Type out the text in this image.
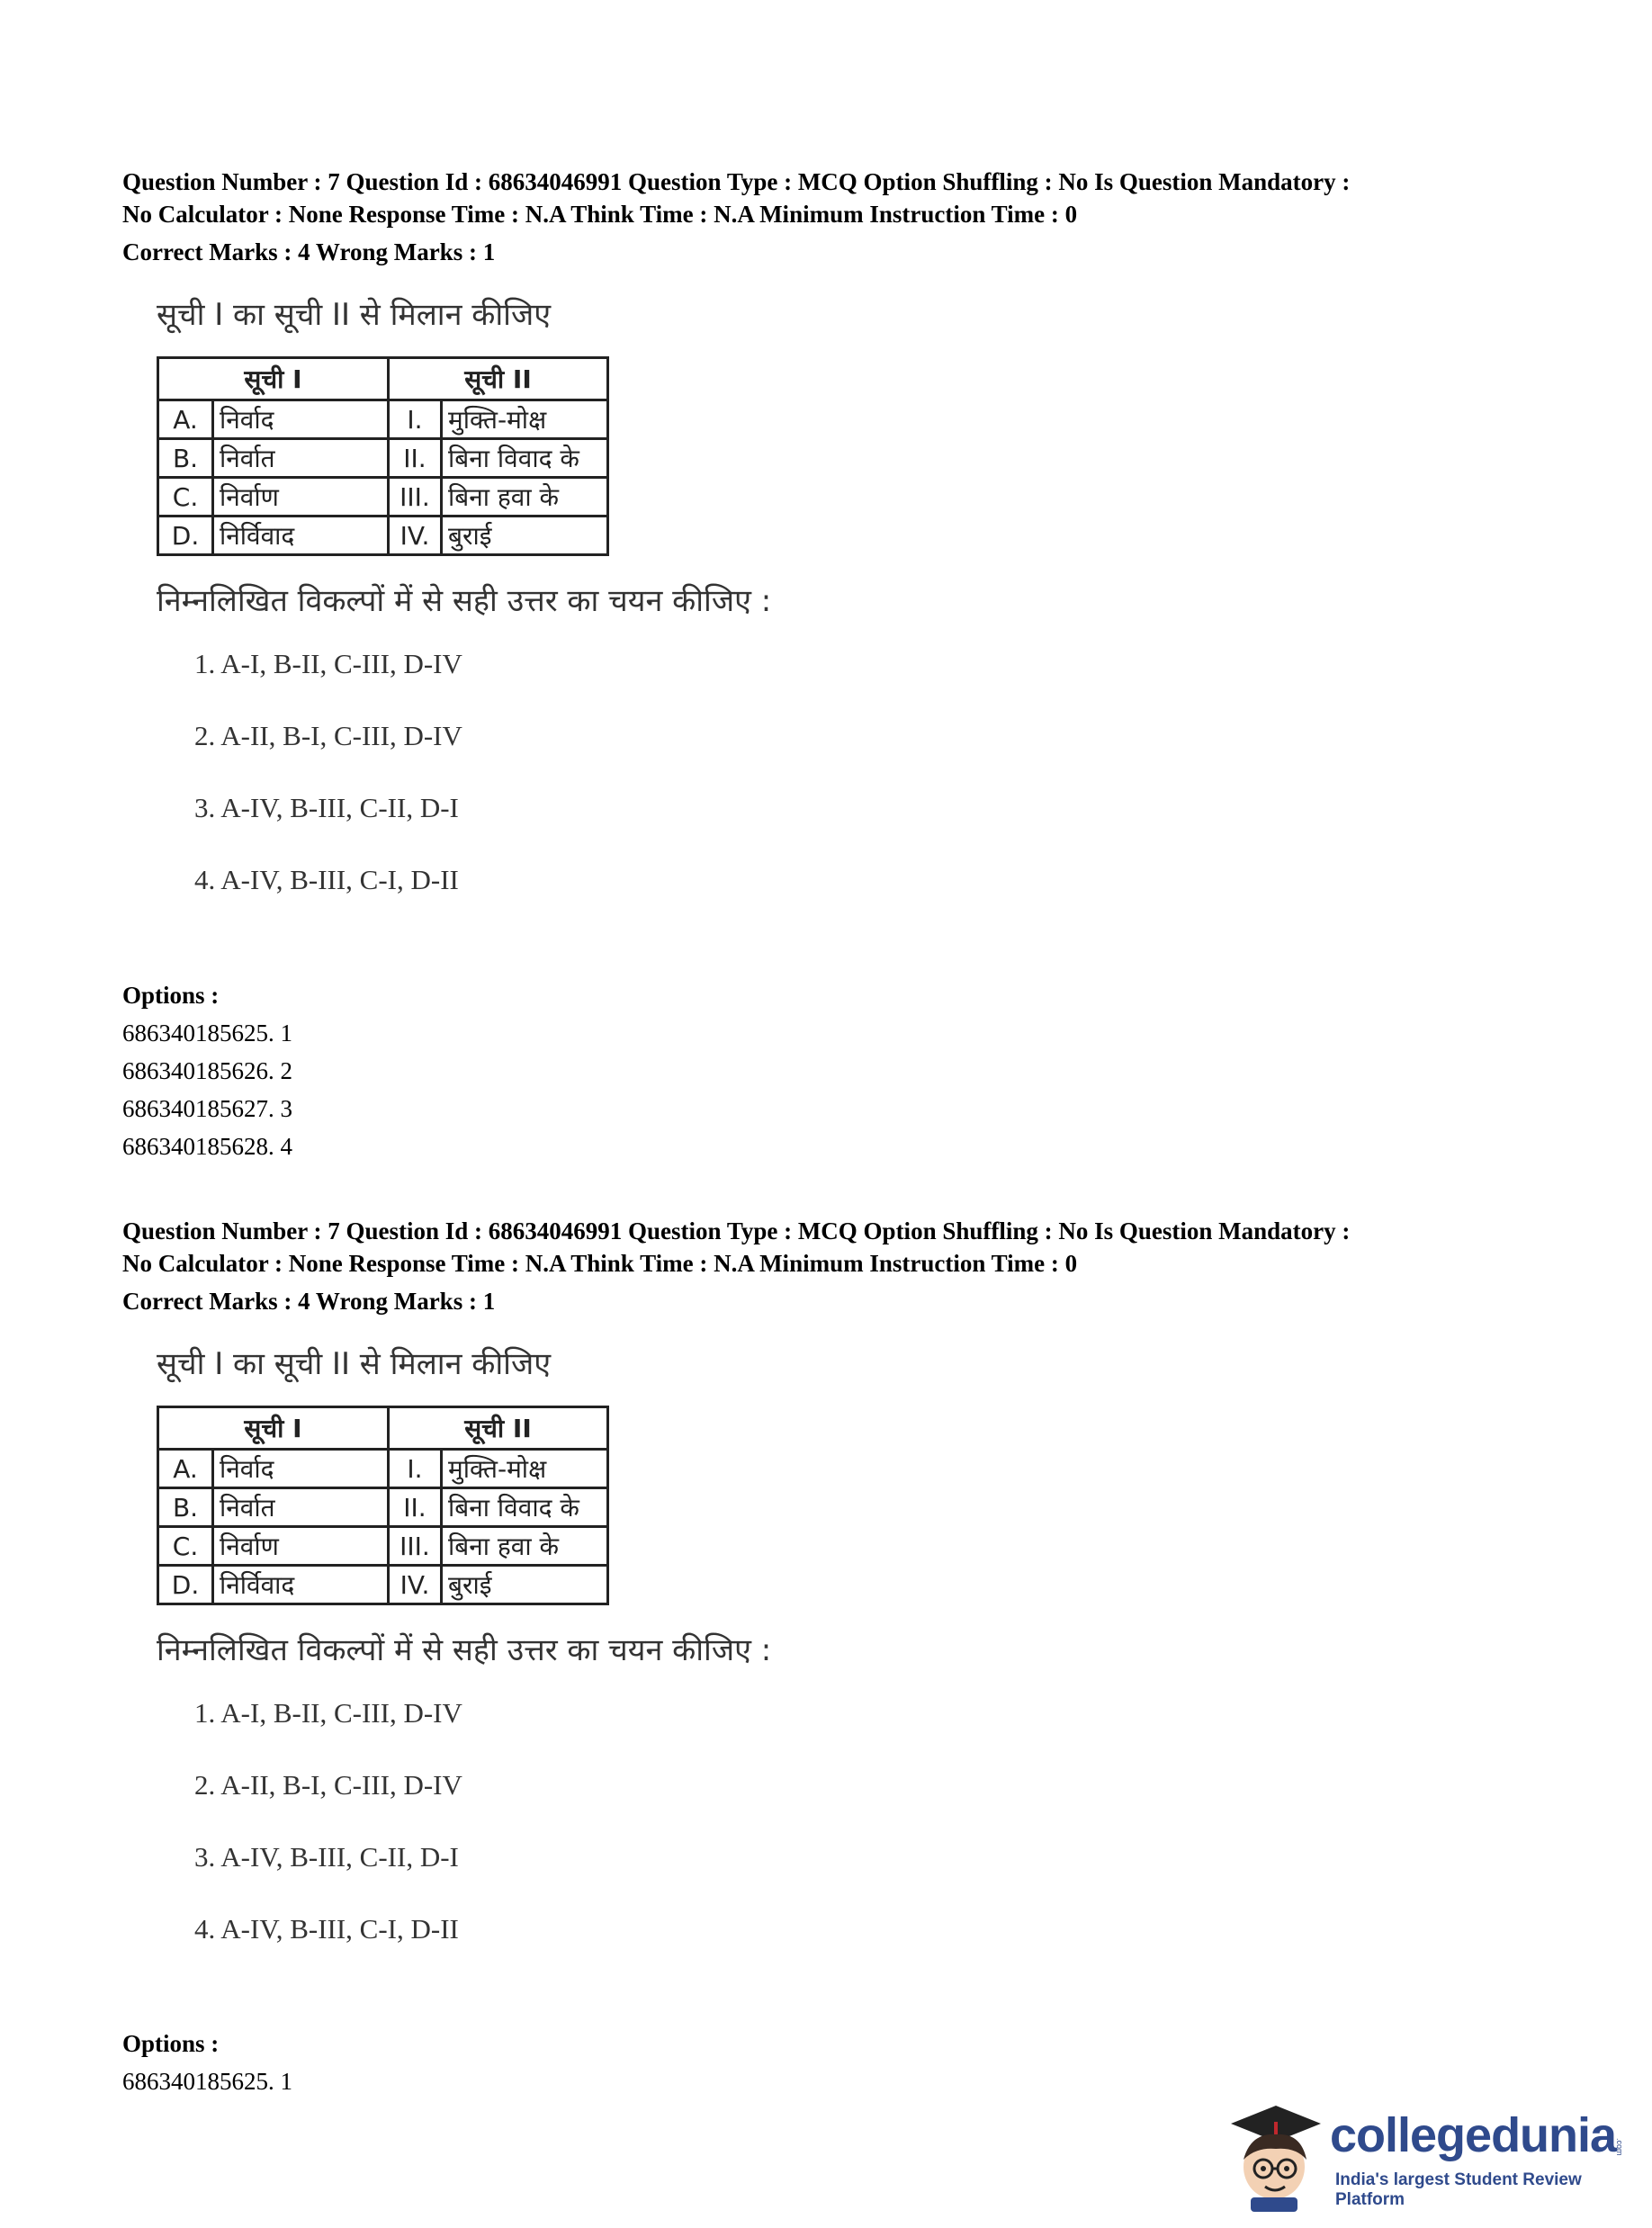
Question Number : 7 Question Id : 68634046991 Question Type : MCQ Option Shuffling : No Is Question Mandatory :

No Calculator : None Response Time : N.A Think Time : N.A Minimum Instruction Time : 0

Correct Marks : 4 Wrong Marks : 1

सूची I का सूची II से मिलान कीजिए

सूची I		सूची II	
A.	निर्वाद	I.	मुक्ति-मोक्ष
B.	निर्वात	II.	बिना विवाद के
C.	निर्वाण	III.	बिना हवा के
D.	निर्विवाद	IV.	बुराई

निम्नलिखित विकल्पों में से सही उत्तर का चयन कीजिए :

1. A-I, B-II, C-III, D-IV
2. A-II, B-I, C-III, D-IV
3. A-IV, B-III, C-II, D-I
4. A-IV, B-III, C-I, D-II

Options :

686340185625. 1

686340185626. 2

686340185627. 3

686340185628. 4

Question Number : 7 Question Id : 68634046991 Question Type : MCQ Option Shuffling : No Is Question Mandatory :

No Calculator : None Response Time : N.A Think Time : N.A Minimum Instruction Time : 0

Correct Marks : 4 Wrong Marks : 1

सूची I का सूची II से मिलान कीजिए

सूची I		सूची II	
A.	निर्वाद	I.	मुक्ति-मोक्ष
B.	निर्वात	II.	बिना विवाद के
C.	निर्वाण	III.	बिना हवा के
D.	निर्विवाद	IV.	बुराई

निम्नलिखित विकल्पों में से सही उत्तर का चयन कीजिए :

1. A-I, B-II, C-III, D-IV
2. A-II, B-I, C-III, D-IV
3. A-IV, B-III, C-II, D-I
4. A-IV, B-III, C-I, D-II

Options :

686340185625. 1

collegedunia
.com
India's largest Student Review Platform
